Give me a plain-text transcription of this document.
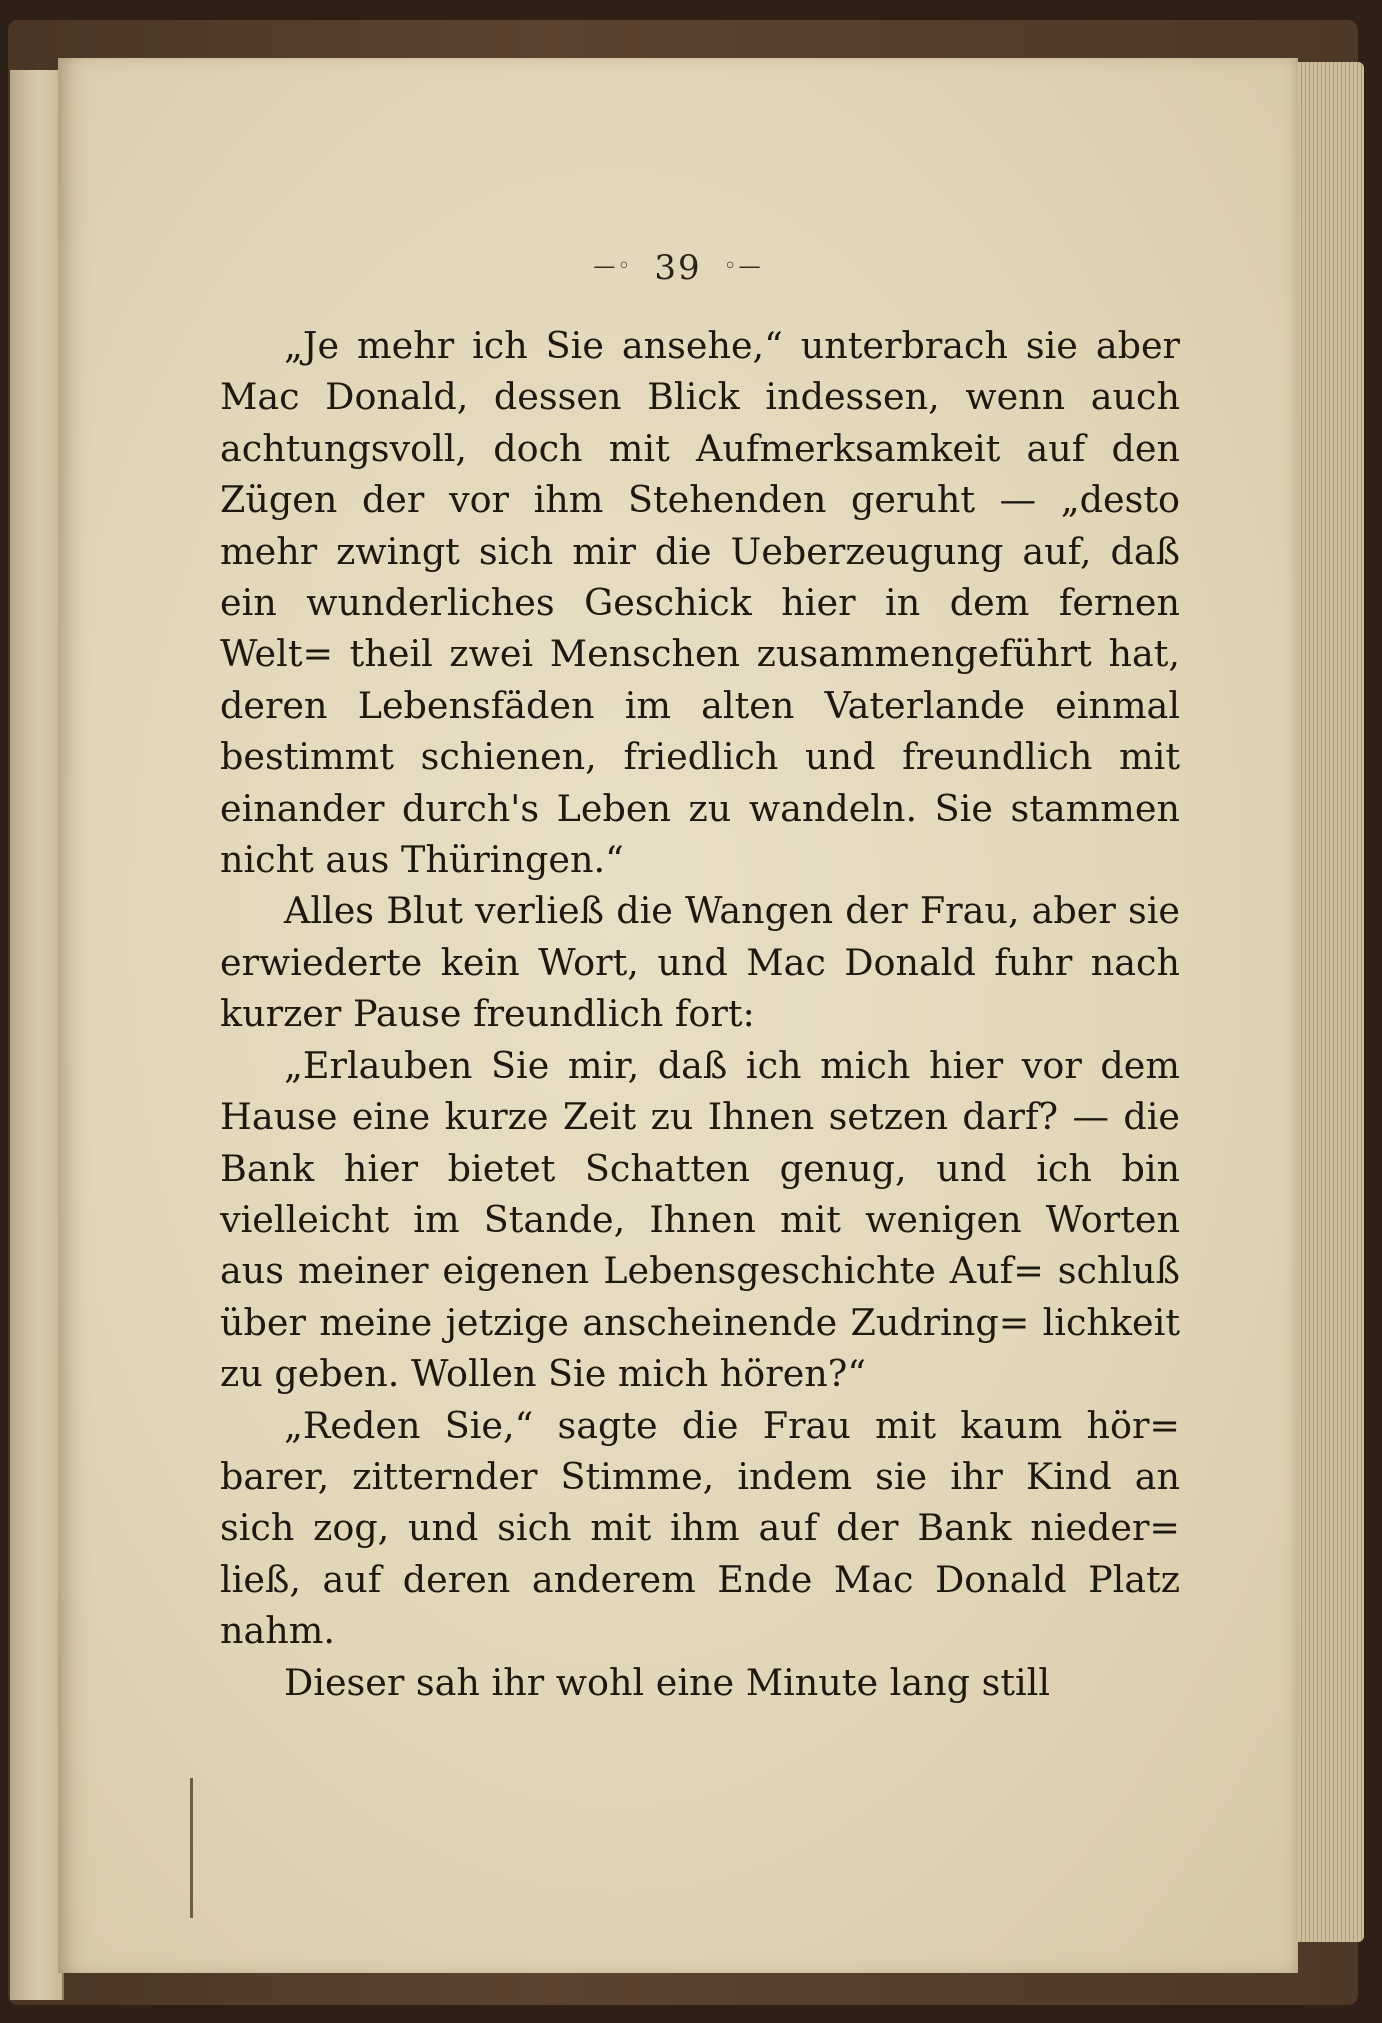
—◦ 39 ◦—

„Je mehr ich Sie ansehe,“ unterbrach sie aber Mac Donald, dessen Blick indessen, wenn auch achtungsvoll, doch mit Aufmerksamkeit auf den Zügen der vor ihm Stehenden geruht — „desto mehr zwingt sich mir die Ueberzeugung auf, daß ein wunderliches Geschick hier in dem fernen Welt= theil zwei Menschen zusammengeführt hat, deren Lebensfäden im alten Vaterlande einmal bestimmt schienen, friedlich und freundlich mit einander durch's Leben zu wandeln. Sie stammen nicht aus Thüringen.“

Alles Blut verließ die Wangen der Frau, aber sie erwiederte kein Wort, und Mac Donald fuhr nach kurzer Pause freundlich fort:

„Erlauben Sie mir, daß ich mich hier vor dem Hause eine kurze Zeit zu Ihnen setzen darf? — die Bank hier bietet Schatten genug, und ich bin vielleicht im Stande, Ihnen mit wenigen Worten aus meiner eigenen Lebensgeschichte Auf= schluß über meine jetzige anscheinende Zudring= lichkeit zu geben. Wollen Sie mich hören?“

„Reden Sie,“ sagte die Frau mit kaum hör= barer, zitternder Stimme, indem sie ihr Kind an sich zog, und sich mit ihm auf der Bank nieder= ließ, auf deren anderem Ende Mac Donald Platz nahm.

Dieser sah ihr wohl eine Minute lang still
